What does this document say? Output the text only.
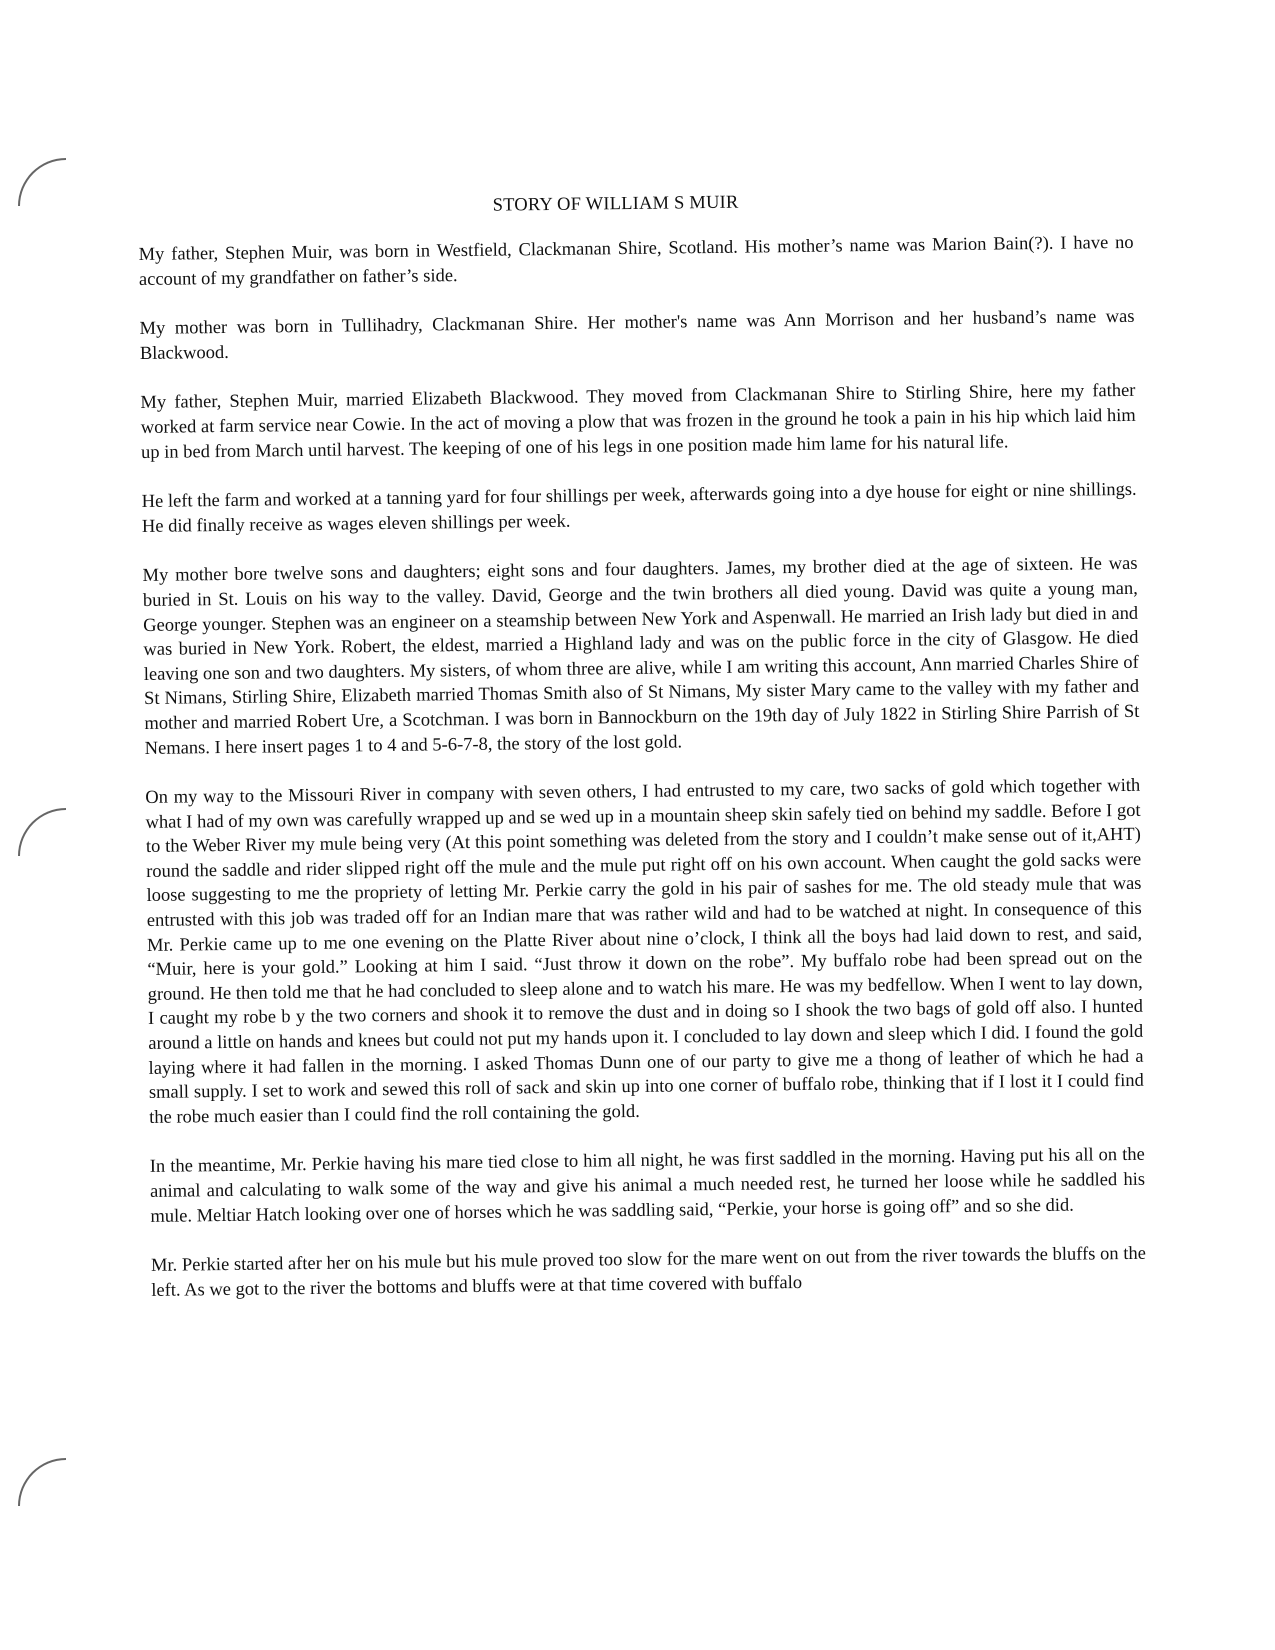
STORY OF WILLIAM S MUIR

My father, Stephen Muir, was born in Westfield, Clackmanan Shire, Scotland. His mother’s name was Marion Bain(?). I have no account of my grandfather on father’s side.

My mother was born in Tullihadry, Clackmanan Shire. Her mother's name was Ann Morrison and her husband’s name was Blackwood.

My father, Stephen Muir, married Elizabeth Blackwood. They moved from Clackmanan Shire to Stirling Shire, here my father worked at farm service near Cowie. In the act of moving a plow that was frozen in the ground he took a pain in his hip which laid him up in bed from March until harvest. The keeping of one of his legs in one position made him lame for his natural life.

He left the farm and worked at a tanning yard for four shillings per week, afterwards going into a dye house for eight or nine shillings. He did finally receive as wages eleven shillings per week.

My mother bore twelve sons and daughters; eight sons and four daughters. James, my brother died at the age of sixteen. He was buried in St. Louis on his way to the valley. David, George and the twin brothers all died young. David was quite a young man, George younger. Stephen was an engineer on a steamship between New York and Aspenwall. He married an Irish lady but died in and was buried in New York. Robert, the eldest, married a Highland lady and was on the public force in the city of Glasgow. He died leaving one son and two daughters. My sisters, of whom three are alive, while I am writing this account, Ann married Charles Shire of St Nimans, Stirling Shire, Elizabeth married Thomas Smith also of St Nimans, My sister Mary came to the valley with my father and mother and married Robert Ure, a Scotchman. I was born in Bannockburn on the 19th day of July 1822 in Stirling Shire Parrish of St Nemans. I here insert pages 1 to 4 and 5-6-7-8, the story of the lost gold.

On my way to the Missouri River in company with seven others, I had entrusted to my care, two sacks of gold which together with what I had of my own was carefully wrapped up and se wed up in a mountain sheep skin safely tied on behind my saddle. Before I got to the Weber River my mule being very (At this point something was deleted from the story and I couldn’t make sense out of it,AHT) round the saddle and rider slipped right off the mule and the mule put right off on his own account. When caught the gold sacks were loose suggesting to me the propriety of letting Mr. Perkie carry the gold in his pair of sashes for me. The old steady mule that was entrusted with this job was traded off for an Indian mare that was rather wild and had to be watched at night. In consequence of this Mr. Perkie came up to me one evening on the Platte River about nine o’clock, I think all the boys had laid down to rest, and said, “Muir, here is your gold.” Looking at him I said. “Just throw it down on the robe”. My buffalo robe had been spread out on the ground. He then told me that he had concluded to sleep alone and to watch his mare. He was my bedfellow. When I went to lay down, I caught my robe b y the two corners and shook it to remove the dust and in doing so I shook the two bags of gold off also. I hunted around a little on hands and knees but could not put my hands upon it. I concluded to lay down and sleep which I did. I found the gold laying where it had fallen in the morning. I asked Thomas Dunn one of our party to give me a thong of leather of which he had a small supply. I set to work and sewed this roll of sack and skin up into one corner of buffalo robe, thinking that if I lost it I could find the robe much easier than I could find the roll containing the gold.

In the meantime, Mr. Perkie having his mare tied close to him all night, he was first saddled in the morning. Having put his all on the animal and calculating to walk some of the way and give his animal a much needed rest, he turned her loose while he saddled his mule. Meltiar Hatch looking over one of horses which he was saddling said, “Perkie, your horse is going off” and so she did.

Mr. Perkie started after her on his mule but his mule proved too slow for the mare went on out from the river towards the bluffs on the left. As we got to the river the bottoms and bluffs were at that time covered with buffalo
